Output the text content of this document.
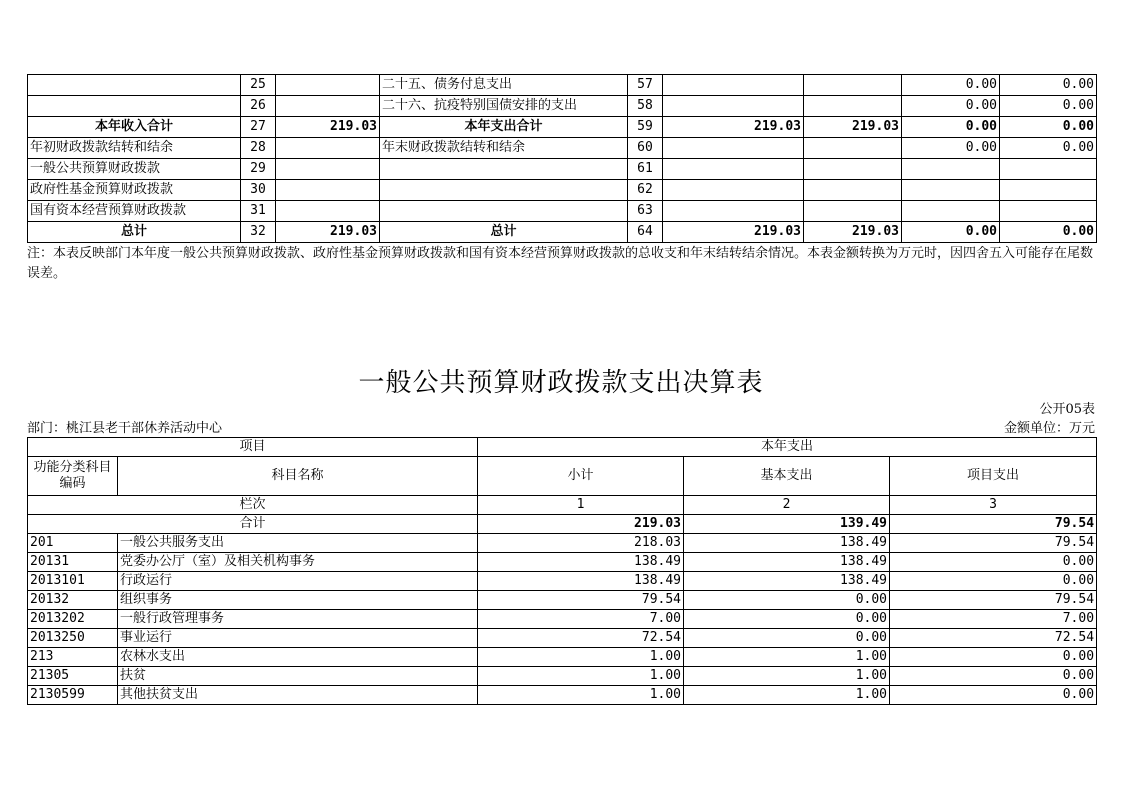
	25		二十五、债务付息支出	57			0.00	0.00
	26		二十六、抗疫特别国债安排的支出	58			0.00	0.00
本年收入合计	27	219.03	本年支出合计	59	219.03	219.03	0.00	0.00
年初财政拨款结转和结余	28		年末财政拨款结转和结余	60			0.00	0.00
一般公共预算财政拨款	29			61				
政府性基金预算财政拨款	30			62				
国有资本经营预算财政拨款	31			63				
总计	32	219.03	总计	64	219.03	219.03	0.00	0.00
注：本表反映部门本年度一般公共预算财政拨款、政府性基金预算财政拨款和国有资本经营预算财政拨款的总收支和年末结转结余情况。本表金额转换为万元时，因四舍五入可能存在尾数误差。
一般公共预算财政拨款支出决算表
公开05表
部门：桃江县老干部休养活动中心	金额单位：万元
项目		本年支出		
功能分类科目编码	科目名称	小计	基本支出	项目支出
栏次		1	2	3
合计		219.03	139.49	79.54
201	一般公共服务支出	218.03	138.49	79.54
20131	党委办公厅（室）及相关机构事务	138.49	138.49	0.00
2013101	行政运行	138.49	138.49	0.00
20132	组织事务	79.54	0.00	79.54
2013202	一般行政管理事务	7.00	0.00	7.00
2013250	事业运行	72.54	0.00	72.54
213	农林水支出	1.00	1.00	0.00
21305	扶贫	1.00	1.00	0.00
2130599	其他扶贫支出	1.00	1.00	0.00
